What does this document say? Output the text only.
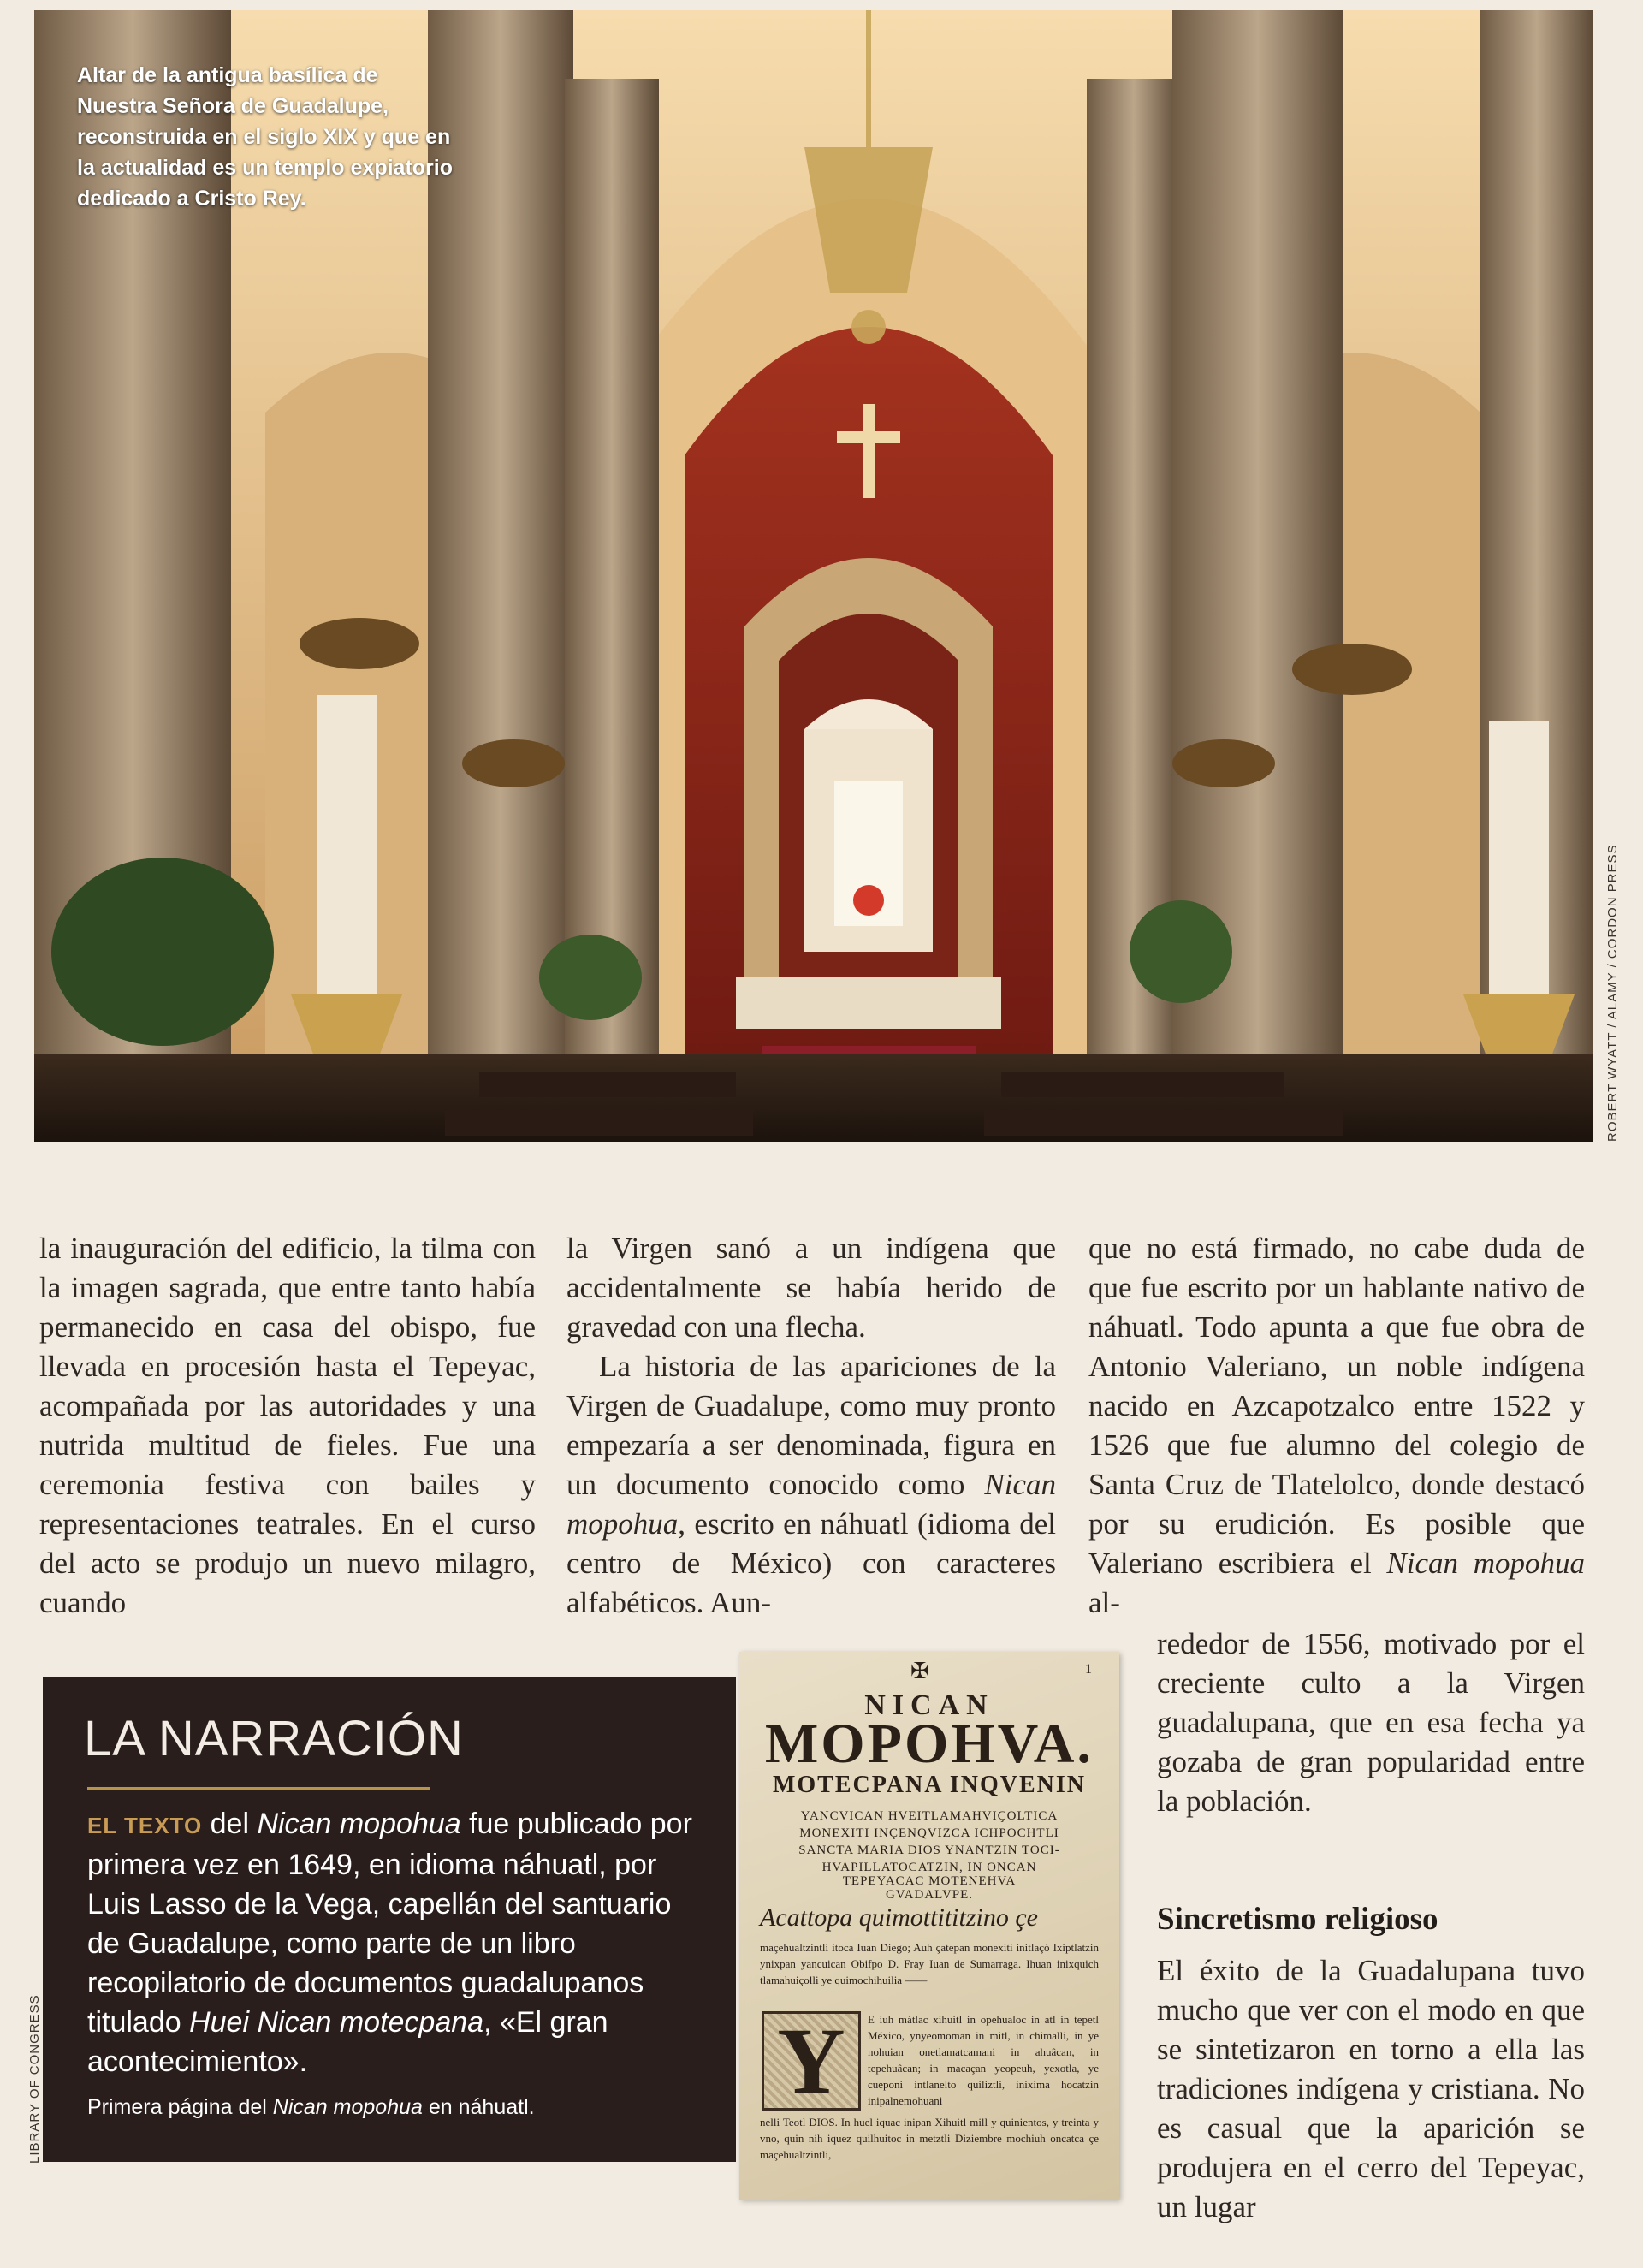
Altar de la antigua basílica de Nuestra Señora de Guadalupe, reconstruida en el siglo XIX y que en la actualidad es un templo expiatorio dedicado a Cristo Rey.
ROBERT WYATT / ALAMY / CORDON PRESS

la inauguración del edificio, la tilma con la imagen sagrada, que entre tanto había permanecido en casa del obispo, fue llevada en procesión hasta el Tepeyac, acompañada por las autoridades y una nutrida multitud de fieles. Fue una ceremonia festiva con bailes y representaciones teatrales. En el curso del acto se produjo un nuevo milagro, cuando

la Virgen sanó a un indígena que accidentalmente se había herido de gravedad con una flecha.

La historia de las apariciones de la Virgen de Guadalupe, como muy pronto empezaría a ser denominada, figura en un documento conocido como Nican mopohua, escrito en náhuatl (idioma del centro de México) con caracteres alfabéticos. Aun-

que no está firmado, no cabe duda de que fue escrito por un hablante nativo de náhuatl. Todo apunta a que fue obra de Antonio Valeriano, un noble indígena nacido en Azcapotzalco entre 1522 y 1526 que fue alumno del colegio de Santa Cruz de Tlatelolco, donde destacó por su erudición. Es posible que Valeriano escribiera el Nican mopohua al-

rededor de 1556, motivado por el creciente culto a la Virgen guadalupana, que en esa fecha ya gozaba de gran popularidad entre la población.

Sincretismo religioso

El éxito de la Guadalupana tuvo mucho que ver con el modo en que se sintetizaron en torno a ella las tradiciones indígena y cristiana. No es casual que la aparición se produjera en el cerro del Tepeyac, un lugar

LA NARRACIÓN
EL TEXTO del Nican mopohua fue publicado por primera vez en 1649, en idioma náhuatl, por Luis Lasso de la Vega, capellán del santuario de Guadalupe, como parte de un libro recopilatorio de documentos guadalupanos titulado Huei Nican motecpana, «El gran acontecimiento».
Primera página del Nican mopohua en náhuatl.
LIBRARY OF CONGRESS
✠	1
NICAN
MOPOHVA.
MOTECPANA INQVENIN
YANCVICAN HVEITLAMAHVIÇOLTICA
MONEXITI INÇENQVIZCA ICHPOCHTLI
SANCTA MARIA DIOS YNANTZIN TOCI-
HVAPILLATOCATZIN, IN ONCAN
TEPEYACAC MOTENEHVA
GVADALVPE.
Acattopa quimottititzino çe
maçehualtzintli itoca Iuan Diego; Auh çatepan monexiti initlaçò Ixiptlatzin ynixpan yancuican Obifpo D. Fray Iuan de Sumarraga. Ihuan inixquich tlamahuiçolli ye quimochihuilia ——
Y	E iuh màtlac xihuitl in opehualoc in atl in tepetl México, ynyeomoman in mitl, in chimalli, in ye nohuian onetlamatcamani in ahuâcan, in tepehuâcan; in macaçan yeopeuh, yexotla, ye cueponi intlanelto quiliztli, inixima hocatzin inipalnemohuani
nelli Teotl DIOS. In huel iquac inipan Xihuitl mill y quinientos, y treinta y vno, quin nih iquez quilhuitoc in metztli Diziembre mochiuh oncatca çe maçehualtzintli,
